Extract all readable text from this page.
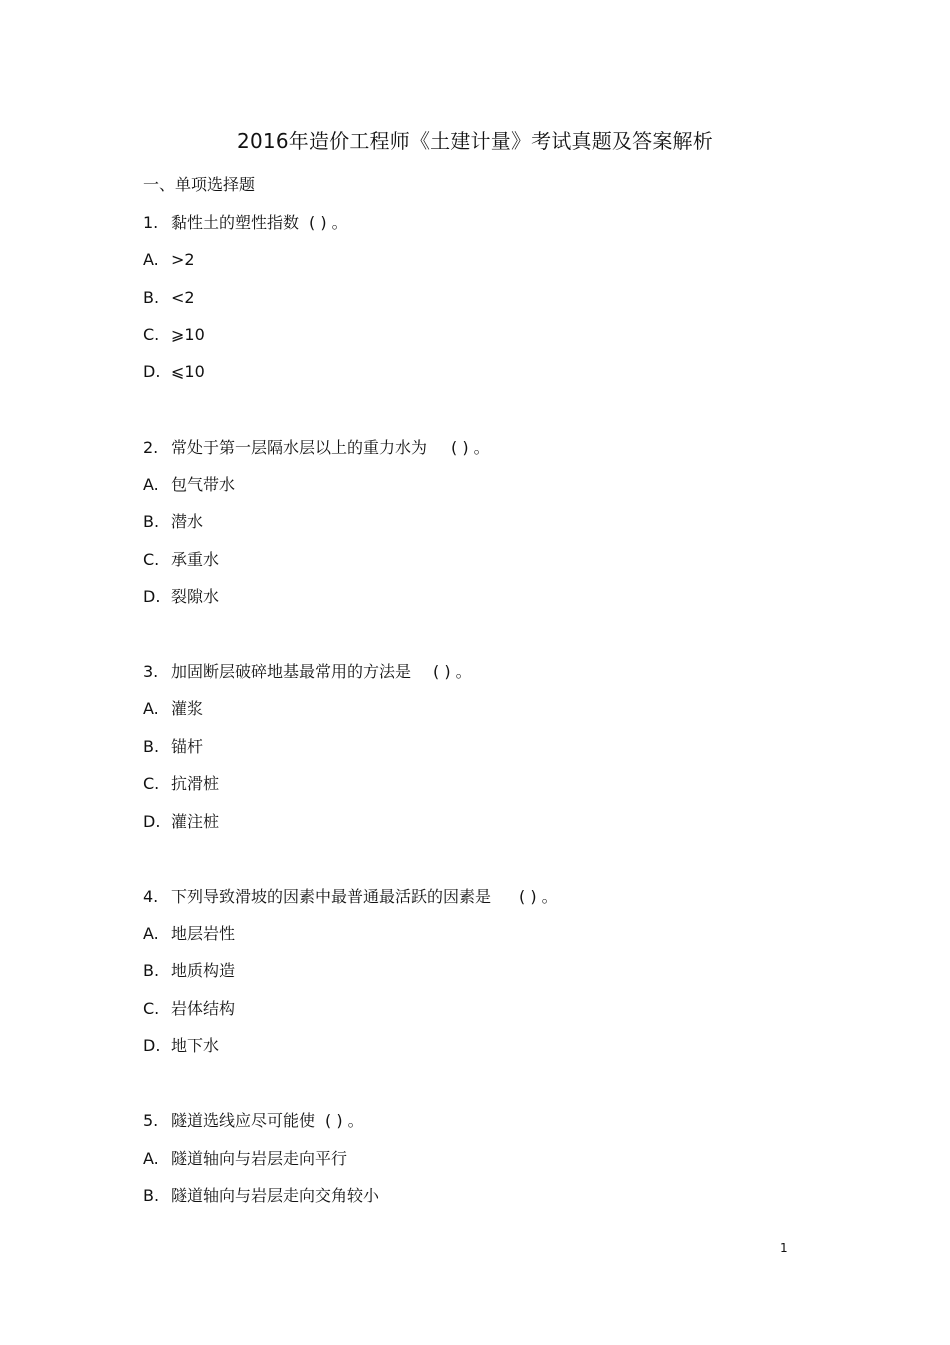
2016年造价工程师《土建计量》考试真题及答案解析
一、单项选择题
1. 黏性土的塑性指数 ( ) 。
A. >2
B. <2
C. ⩾10
D. ⩽10
2. 常处于第一层隔水层以上的重力水为 ( ) 。
A. 包气带水
B. 潜水
C. 承重水
D. 裂隙水
3. 加固断层破碎地基最常用的方法是 ( ) 。
A. 灌浆
B. 锚杆
C. 抗滑桩
D. 灌注桩
4. 下列导致滑坡的因素中最普通最活跃的因素是 ( ) 。
A. 地层岩性
B. 地质构造
C. 岩体结构
D. 地下水
5. 隧道选线应尽可能使 ( ) 。
A. 隧道轴向与岩层走向平行
B. 隧道轴向与岩层走向交角较小
1
